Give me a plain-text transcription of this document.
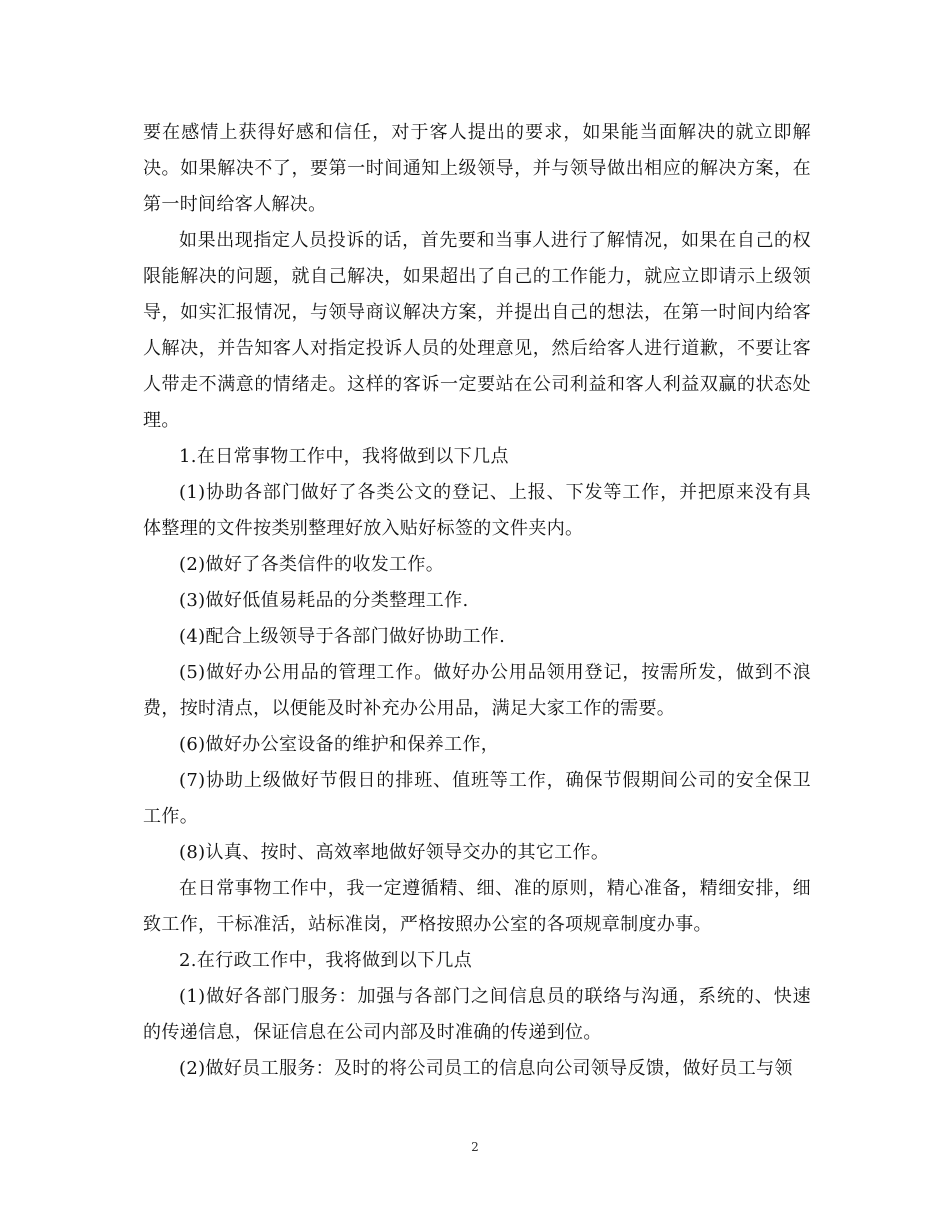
要在感情上获得好感和信任，对于客人提出的要求，如果能当面解决的就立即解决。如果解决不了，要第一时间通知上级领导，并与领导做出相应的解决方案，在第一时间给客人解决。

如果出现指定人员投诉的话，首先要和当事人进行了解情况，如果在自己的权限能解决的问题，就自己解决，如果超出了自己的工作能力，就应立即请示上级领导，如实汇报情况，与领导商议解决方案，并提出自己的想法，在第一时间内给客人解决，并告知客人对指定投诉人员的处理意见，然后给客人进行道歉，不要让客人带走不满意的情绪走。这样的客诉一定要站在公司利益和客人利益双赢的状态处理。

1.在日常事物工作中，我将做到以下几点

(1)协助各部门做好了各类公文的登记、上报、下发等工作，并把原来没有具体整理的文件按类别整理好放入贴好标签的文件夹内。

(2)做好了各类信件的收发工作。

(3)做好低值易耗品的分类整理工作.

(4)配合上级领导于各部门做好协助工作.

(5)做好办公用品的管理工作。做好办公用品领用登记，按需所发，做到不浪费，按时清点，以便能及时补充办公用品，满足大家工作的需要。

(6)做好办公室设备的维护和保养工作，

(7)协助上级做好节假日的排班、值班等工作，确保节假期间公司的安全保卫工作。

(8)认真、按时、高效率地做好领导交办的其它工作。

在日常事物工作中，我一定遵循精、细、准的原则，精心准备，精细安排，细致工作，干标准活，站标准岗，严格按照办公室的各项规章制度办事。

2.在行政工作中，我将做到以下几点

(1)做好各部门服务：加强与各部门之间信息员的联络与沟通，系统的、快速的传递信息，保证信息在公司内部及时准确的传递到位。

(2)做好员工服务：及时的将公司员工的信息向公司领导反馈，做好员工与领

2
